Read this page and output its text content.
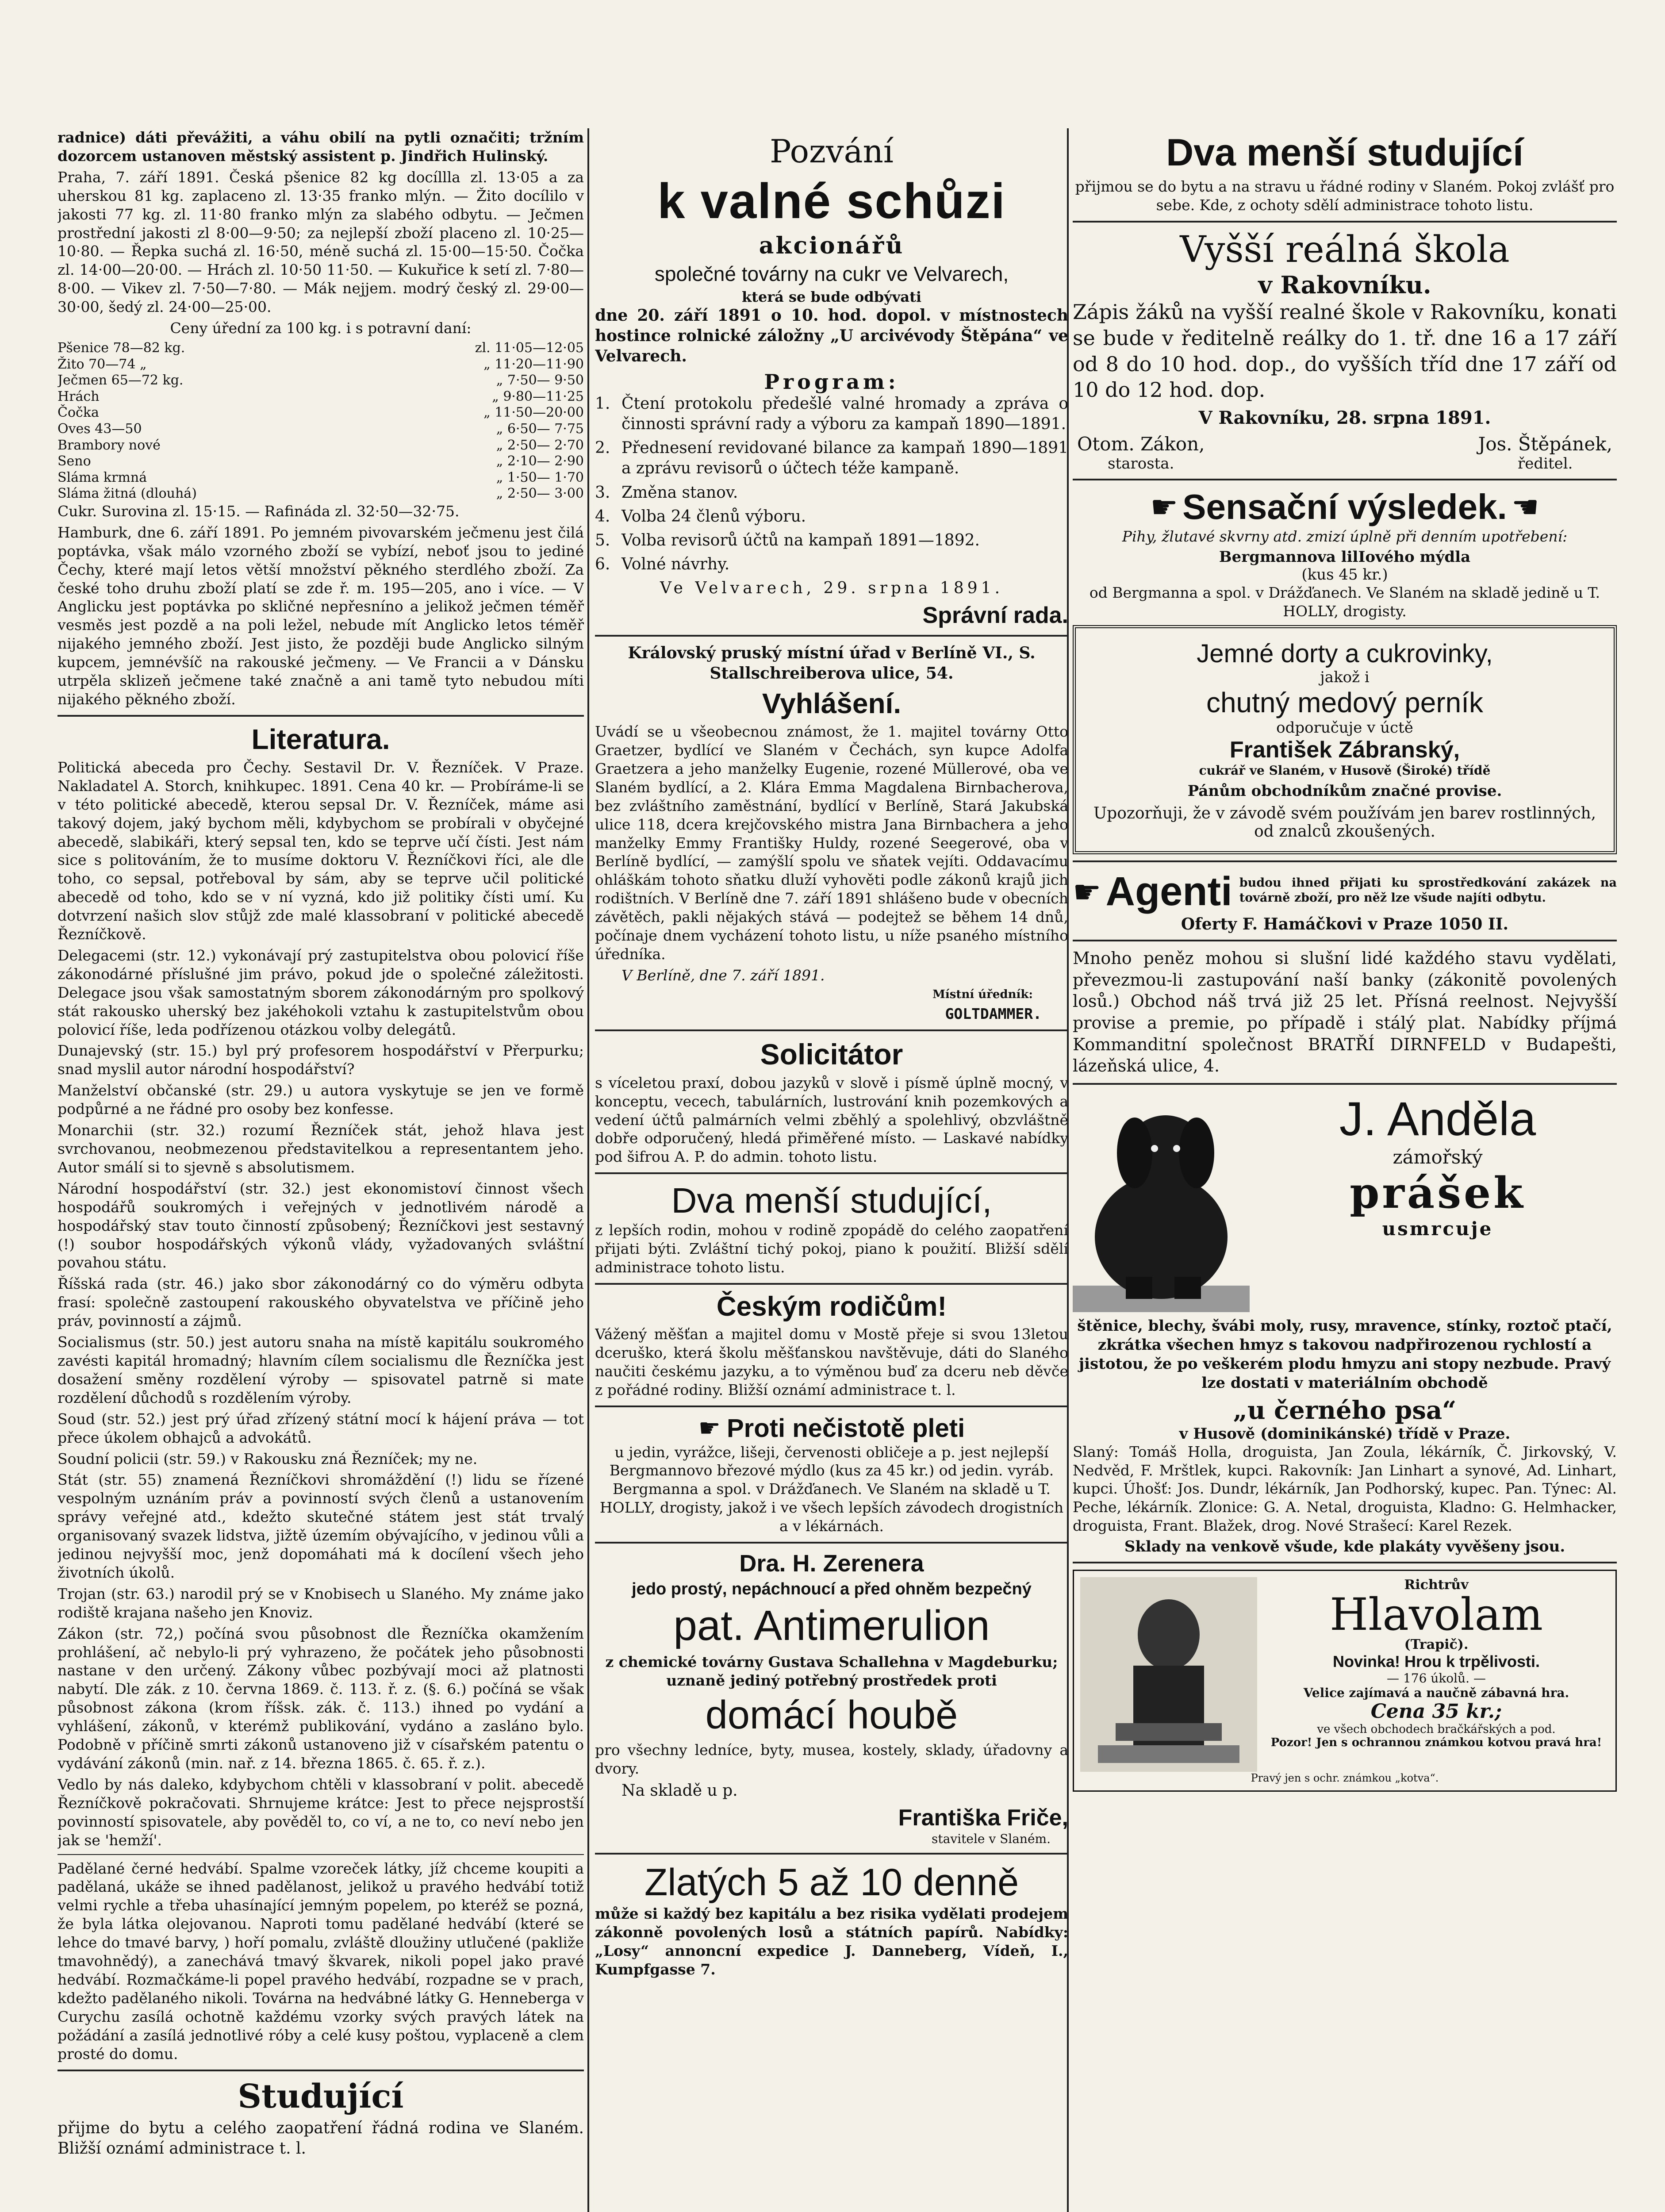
radnice) dáti převážiti, a váhu obilí na pytli označiti; tržním dozorcem ustanoven městský assistent p. Jindřich Hulinský.

Praha, 7. září 1891. Česká pšenice 82 kg docíllla zl. 13·05 a za uherskou 81 kg. zaplaceno zl. 13·35 franko mlýn. — Žito docílilo v jakosti 77 kg. zl. 11·80 franko mlýn za slabého odbytu. — Ječmen prostřední jakosti zl 8·00—9·50; za nejlepší zboží placeno zl. 10·25—10·80. — Řepka suchá zl. 16·50, méně suchá zl. 15·00—15·50. Čočka zl. 14·00—20·00. — Hrách zl. 10·50 11·50. — Kukuřice k setí zl. 7·80—8·00. — Vikev zl. 7·50—7·80. — Mák nejjem. modrý český zl. 29·00—30·00, šedý zl. 24·00—25·00.

Ceny úřední za 100 kg. i s potravní daní:

Pšenice 78—82 kg.	zl. 11·05—12·05
Žito 70—74 „	„ 11·20—11·90
Ječmen 65—72 kg.	„ 7·50— 9·50
Hrách	„ 9·80—11·25
Čočka	„ 11·50—20·00
Oves 43—50	„ 6·50— 7·75
Brambory nové	„ 2·50— 2·70
Seno	„ 2·10— 2·90
Sláma krmná	„ 1·50— 1·70
Sláma žitná (dlouhá)	„ 2·50— 3·00

Cukr. Surovina zl. 15·15. — Rafináda zl. 32·50—32·75.

Hamburk, dne 6. září 1891. Po jemném pivovarském ječmenu jest čilá poptávka, však málo vzorného zboží se vybízí, neboť jsou to jediné Čechy, které mají letos větší množství pěkného sterdlého zboží. Za české toho druhu zboží platí se zde ř. m. 195—205, ano i více. — V Anglicku jest poptávka po skličné nepřesníno a jelikož ječmen téměř vesměs jest pozdě a na poli ležel, nebude mít Anglicko letos téměř nijakého jemného zboží. Jest jisto, že později bude Anglicko silným kupcem, jemnévšíč na rakouské ječmeny. — Ve Francii a v Dánsku utrpěla sklizeň ječmene také značně a ani tamě tyto nebudou míti nijakého pěkného zboží.

Literatura.

Politická abeceda pro Čechy. Sestavil Dr. V. Řezníček. V Praze. Nakladatel A. Storch, knihkupec. 1891. Cena 40 kr. — Probíráme-li se v této politické abecedě, kterou sepsal Dr. V. Řezníček, máme asi takový dojem, jaký bychom měli, kdybychom se probírali v obyčejné abecedě, slabikáři, který sepsal ten, kdo se teprve učí čísti. Jest nám sice s politováním, že to musíme doktoru V. Řezníčkovi říci, ale dle toho, co sepsal, potřeboval by sám, aby se teprve učil politické abecedě od toho, kdo se v ní vyzná, kdo již politiky čísti umí. Ku dotvrzení našich slov stůjž zde malé klassobraní v politické abecedě Řezníčkově.

Delegacemi (str. 12.) vykonávají prý zastupitelstva obou polovicí říše zákonodárné příslušné jim právo, pokud jde o společné záležitosti. Delegace jsou však samostatným sborem zákonodárným pro spolkový stát rakousko uherský bez jakéhokoli vztahu k zastupitelstvům obou polovicí říše, leda podřízenou otázkou volby delegátů.

Dunajevský (str. 15.) byl prý profesorem hospodářství v Přerpurku; snad myslil autor národní hospodářství?

Manželství občanské (str. 29.) u autora vyskytuje se jen ve formě podpůrné a ne řádné pro osoby bez konfesse.

Monarchii (str. 32.) rozumí Řezníček stát, jehož hlava jest svrchovanou, neobmezenou představitelkou a representantem jeho. Autor smálí si to sjevně s absolutismem.

Národní hospodářství (str. 32.) jest ekonomistoví činnost všech hospodářů soukromých i veřejných v jednotlivém národě a hospodářský stav touto činností způsobený; Řezníčkovi jest sestavný (!) soubor hospodářských výkonů vlády, vyžadovaných svláštní povahou státu.

Říšská rada (str. 46.) jako sbor zákonodárný co do výměru odbyta frasí: společně zastoupení rakouského obyvatelstva ve příčině jeho práv, povinností a zájmů.

Socialismus (str. 50.) jest autoru snaha na místě kapitálu soukromého zavésti kapitál hromadný; hlavním cílem socialismu dle Řezníčka jest dosažení směny rozdělení výroby — spisovatel patrně si mate rozdělení důchodů s rozdělením výroby.

Soud (str. 52.) jest prý úřad zřízený státní mocí k hájení práva — tot přece úkolem obhajců a advokátů.

Soudní policii (str. 59.) v Rakousku zná Řezníček; my ne.

Stát (str. 55) znamená Řezníčkovi shromáždění (!) lidu se řízené vespolným uznáním práv a povinností svých členů a ustanovením správy veřejné atd., kdežto skutečné státem jest stát trvalý organisovaný svazek lidstva, jižtě územím obývajícího, v jedinou vůli a jedinou nejvyšší moc, jenž dopomáhati má k docílení všech jeho životních úkolů.

Trojan (str. 63.) narodil prý se v Knobisech u Slaného. My známe jako rodiště krajana našeho jen Knoviz.

Zákon (str. 72,) počíná svou působnost dle Řezníčka okamžením prohlášení, ač nebylo-li prý vyhrazeno, že počátek jeho působnosti nastane v den určený. Zákony vůbec pozbývají moci až platnosti nabytí. Dle zák. z 10. června 1869. č. 113. ř. z. (§. 6.) počíná se však působnost zákona (krom říšsk. zák. č. 113.) ihned po vydání a vyhlášení, zákonů, v kterémž publikování, vydáno a zasláno bylo. Podobně v příčině smrti zákonů ustanoveno již v císařském patentu o vydávání zákonů (min. nař. z 14. března 1865. č. 65. ř. z.).

Vedlo by nás daleko, kdybychom chtěli v klassobraní v polit. abecedě Řezníčkově pokračovati. Shrnujeme krátce: Jest to přece nejsprostší povinností spisovatele, aby pověděl to, co ví, a ne to, co neví nebo jen jak se 'hemží'.

Padělané černé hedvábí. Spalme vzoreček látky, jíž chceme koupiti a padělaná, ukáže se ihned padělanost, jelikož u pravého hedvábí totiž velmi rychle a třeba uhasínající jemným popelem, po kteréž se pozná, že byla látka olejovanou. Naproti tomu padělané hedvábí (které se lehce do tmavé barvy, ) hoří pomalu, zvláště dloužiny utlučené (pakliže tmavohnědý), a zanechává tmavý škvarek, nikoli popel jako pravé hedvábí. Rozmačkáme-li popel pravého hedvábí, rozpadne se v prach, kdežto padělaného nikoli. Továrna na hedvábné látky G. Henneberga v Curychu zasílá ochotně každému vzorky svých pravých látek na požádání a zasílá jednotlivé róby a celé kusy poštou, vyplaceně a clem prosté do domu.

Studující

přijme do bytu a celého zaopatření řádná rodina ve Slaném. Bližší oznámí administrace t. l.

Pozvání
k valné schůzi
akcionářů
společné továrny na cukr ve Velvarech,
která se bude odbývati

dne 20. září 1891 o 10. hod. dopol. v místnostech hostince rolnické záložny „U arcivévody Štěpána“ ve Velvarech.

Program:
1. Čtení protokolu předešlé valné hromady a zpráva o činnosti správní rady a výboru za kampaň 1890—1891.
2. Přednesení revidované bilance za kampaň 1890—1891 a zprávu revisorů o účtech téže kampaně.
3. Změna stanov.
4. Volba 24 členů výboru.
5. Volba revisorů účtů na kampaň 1891—1892.
6. Volné návrhy.
Ve Velvarech, 29. srpna 1891.
Správní rada.

Královský pruský místní úřad v Berlíně VI., S. Stallschreiberova ulice, 54.

Vyhlášení.

Uvádí se u všeobecnou známost, že 1. majitel továrny Otto Graetzer, bydlící ve Slaném v Čechách, syn kupce Adolfa Graetzera a jeho manželky Eugenie, rozené Müllerové, oba ve Slaném bydlící, a 2. Klára Emma Magdalena Birnbacherova, bez zvláštního zaměstnání, bydlící v Berlíně, Stará Jakubská ulice 118, dcera krejčovského mistra Jana Birnbachera a jeho manželky Emmy Františky Huldy, rozené Seegerové, oba v Berlíně bydlící, — zamýšlí spolu ve sňatek vejíti. Oddavacímu ohláškám tohoto sňatku dluží vyhověti podle zákonů krajů jich rodištních. V Berlíně dne 7. září 1891 shlášeno bude v obecních závětěch, pakli nějakých stává — podejtež se během 14 dnů, počínaje dnem vycházení tohoto listu, u níže psaného místního úředníka.

V Berlíně, dne 7. září 1891.

Místní úředník:
GOLTDAMMER.
Solicitátor

s víceletou praxí, dobou jazyků v slově i písmě úplně mocný, v konceptu, vecech, tabulárních, lustrování knih pozemkových a vedení účtů palmárních velmi zběhlý a spolehlivý, obzvláštně dobře odporučený, hledá přiměřené místo. — Laskavé nabídky pod šifrou A. P. do admin. tohoto listu.

Dva menší studující,

z lepších rodin, mohou v rodině zpopádě do celého zaopatření přijati býti. Zvláštní tichý pokoj, piano k použití. Bližší sdělí administrace tohoto listu.

Českým rodičům!

Vážený měšťan a majitel domu v Mostě přeje si svou 13letou dceruško, která školu měšťanskou navštěvuje, dáti do Slaného naučiti českému jazyku, a to výměnou buď za dceru neb děvče z pořádné rodiny. Bližší oznámí administrace t. l.

☛ Proti nečistotě pleti

u jedin, vyrážce, lišeji, červenosti obličeje a p. jest nejlepší Bergmannovo březové mýdlo (kus za 45 kr.) od jedin. vyráb. Bergmanna a spol. v Drážďanech. Ve Slaném na skladě u T. HOLLY, drogisty, jakož i ve všech lepších závodech drogistních a v lékárnách.

Dra. H. Zerenera
jedo prostý, nepáchnoucí a před ohněm bezpečný
pat. Antimerulion

z chemické továrny Gustava Schallehna v Magdeburku; uznaně jediný potřebný prostředek proti

domácí houbě

pro všechny ledníce, byty, musea, kostely, sklady, úřadovny a dvory.

Na skladě u p.
Františka Friče,
stavitele v Slaném.
Zlatých 5 až 10 denně

může si každý bez kapitálu a bez risika vydělati prodejem zákonně povolených losů a státních papírů. Nabídky: „Losy“ annoncní expedice J. Danneberg, Vídeň, I., Kumpfgasse 7.

Dva menší studující

přijmou se do bytu a na stravu u řádné rodiny v Slaném. Pokoj zvlášť pro sebe. Kde, z ochoty sdělí administrace tohoto listu.

Vyšší reálná škola
v Rakovníku.

Zápis žáků na vyšší realné škole v Rakovníku, konati se bude v ředitelně reálky do 1. tř. dne 16 a 17 září od 8 do 10 hod. dop., do vyšších tříd dne 17 září od 10 do 12 hod. dop.

V Rakovníku, 28. srpna 1891.
Otom. Zákon,
starosta.
Jos. Štěpánek,
ředitel.
☛ Sensační výsledek. ☚

Pihy, žlutavé skvrny atd. zmizí úplně při denním upotřebení:

Bergmannova lilIového mýdla
(kus 45 kr.)

od Bergmanna a spol. v Drážďanech. Ve Slaném na skladě jedině u T. HOLLY, drogisty.

Jemné dorty a cukrovinky,
jakož i
chutný medový perník
odporučuje v úctě
František Zábranský,
cukrář ve Slaném, v Husově (Široké) třídě
Pánům obchodníkům značné provise.
Upozorňuji, že v závodě svém používám jen barev rostlinných, od znalců zkoušených.
☛ Agenti budou ihned přijati ku sprostředkování zakázek na továrně zboží, pro něž lze všude najíti odbytu.
Oferty F. Hamáčkovi v Praze 1050 II.

Mnoho peněz mohou si slušní lidé každého stavu vydělati, převezmou-li zastupování naší banky (zákonitě povolených losů.) Obchod náš trvá již 25 let. Přísná reelnost. Nejvyšší provise a premie, po případě i stálý plat. Nabídky příjmá Kommanditní společnost BRATŘÍ DIRNFELD v Budapešti, lázeňská ulice, 4.

J. Anděla
zámořský
prášek
usmrcuje

štěnice, blechy, švábi moly, rusy, mravence, stínky, roztoč ptačí, zkrátka všechen hmyz s takovou nadpřirozenou rychlostí a jistotou, že po veškerém plodu hmyzu ani stopy nezbude. Pravý lze dostati v materiálním obchodě

„u černého psa“
v Husově (dominikánské) třídě v Praze.

Slaný: Tomáš Holla, droguista, Jan Zoula, lékárník, Č. Jirkovský, V. Nedvěd, F. Mrštlek, kupci. Rakovník: Jan Linhart a synové, Ad. Linhart, kupci. Úhošť: Jos. Dundr, lékárník, Jan Podhorský, kupec. Pan. Týnec: Al. Peche, lékárník. Zlonice: G. A. Netal, droguista, Kladno: G. Helmhacker, droguista, Frant. Blažek, drog. Nové Strašecí: Karel Rezek.

Sklady na venkově všude, kde plakáty vyvěšeny jsou.
Richtrův
Hlavolam
(Trapič).
Novinka! Hrou k trpělivosti.
— 176 úkolů. —
Velice zajímavá a naučně zábavná hra.
Cena 35 kr.;
ve všech obchodech bračkářských a pod.
Pozor! Jen s ochrannou známkou kotvou pravá hra!
Pravý jen s ochr. známkou „kotva“.
